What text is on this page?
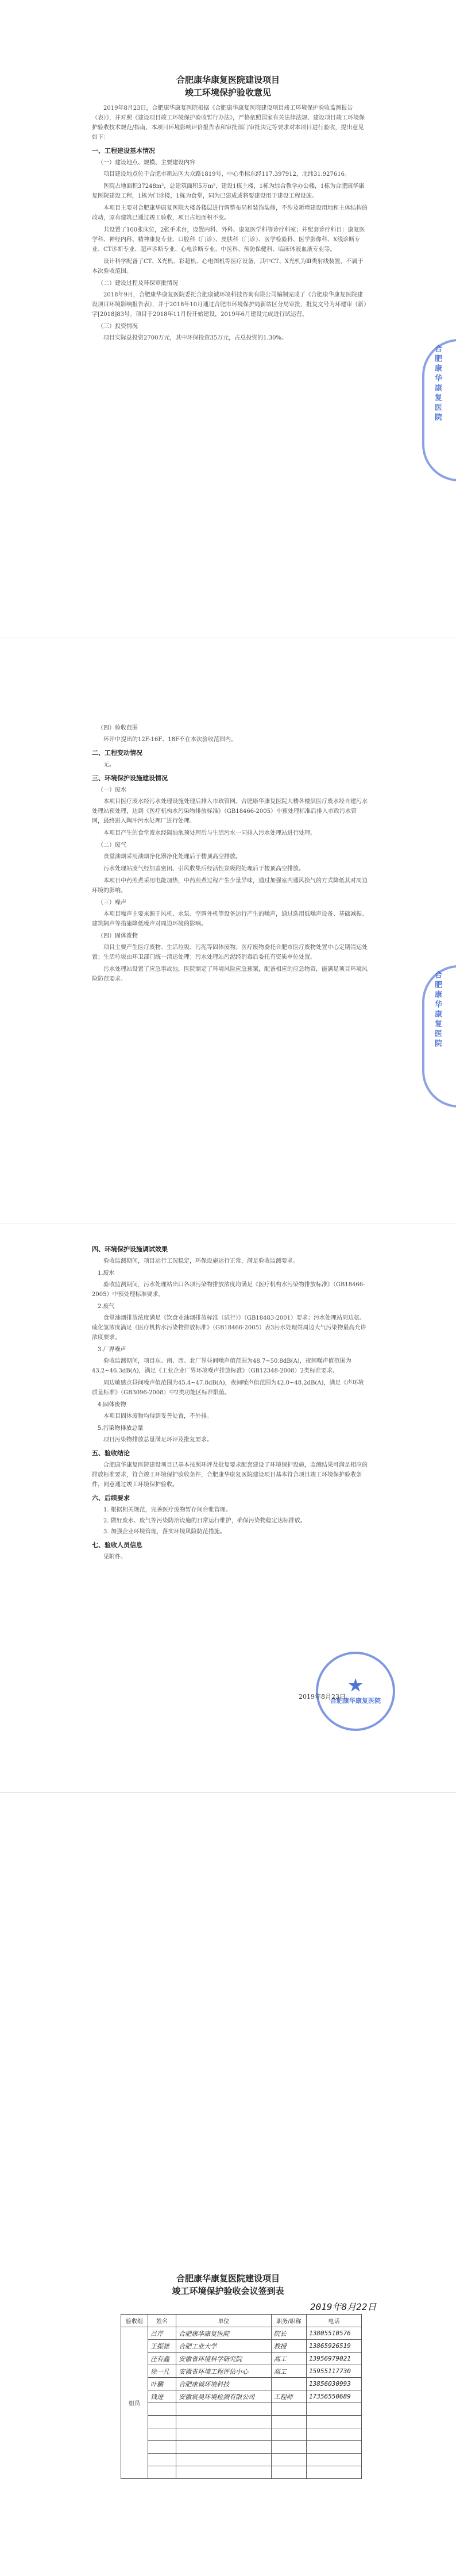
合肥康华康复医院建设项目
竣工环境保护验收意见

2019年8月23日，合肥康华康复医院根据《合肥康华康复医院建设项目竣工环境保护验收监测报告（表）》，并对照《建设项目竣工环境保护验收暂行办法》，严格依照国家有关法律法规、建设项目竣工环境保护验收技术规范/指南、本项目环境影响评价报告表和审批部门审批决定等要求对本项目进行验收，提出意见如下：

一、工程建设基本情况
（一）建设地点、规模、主要建设内容

项目建设地点位于合肥市新站区大众路1819号，中心坐标东经117.397912，北纬31.927616。

医院占地面积37248m²，总建筑面积5万m²，建设1栋主楼，1栋为综合教学办公楼，1栋为合肥康华康复医院建设工程，1栋为门诊楼，1栋为食堂，同为已建成或将要建设用于建设工程设施。

本项目主要对合肥康华康复医院大楼各楼层进行调整布局和装饰装修，不涉及新增建设用地和主体结构的改动，原有建筑已通过竣工验收，项目占地面积不变。

共设置了100张床位，2张手术台，设置内科、外科、康复医学科等诊疗科室；并配套诊疗科目：康复医学科、神经内科、精神康复专业、口腔科（门诊）、皮肤科（门诊）、医学检验科、医学影像科、X线诊断专业、CT诊断专业、超声诊断专业、心电诊断专业、中医科、预防保健科、临床体液血液专业等。

设计科学配备了CT、X光机、彩超机、心电图机等医疗设备，其中CT、X光机为Ⅲ类射线装置，不属于本次验收范围。

（二）建设过程及环保审批情况

2018年9月，合肥康华康复医院委托合肥康诚环境科技咨询有限公司编制完成了《合肥康华康复医院建设项目环境影响报告表》，并于2018年10月通过合肥市环境保护局新站区分局审批，批复文号为环建审（新）字[2018]83号。项目于2018年11月份开始建设，2019年6月建设完成进行试运营。

（三）投资情况

项目实际总投资2700万元，其中环保投资35万元，占总投资的1.30%。

合肥康华康复医院
（四）验收范围

环评中提出的12F-16F、18F不在本次验收范围内。

二、工程变动情况

无。

三、环境保护设施建设情况
（一）废水

本项目医疗废水经污水处理设施处理后排入市政管网。合肥康华康复医院大楼各楼层医疗废水经自建污水处理站预处理，达到《医疗机构水污染物排放标准》（GB18466-2005）中预处理标准后排入市政污水管网，最终进入陶冲污水处理厂进行处理。

本项目产生的食堂废水经隔油池预处理后与生活污水一同排入污水处理站进行处理。

（二）废气

食堂油烟采用油烟净化器净化处理后于楼顶高空排放。

污水处理站废气经加盖密闭、引风收集后经活性炭吸附处理后于楼顶高空排放。

本项目中药煎煮采用电能加热，中药煎煮过程产生少量异味，通过加强室内通风换气的方式降低其对周边环境的影响。

（三）噪声

本项目噪声主要来源于风机、水泵、空调外机等设备运行产生的噪声，通过选用低噪声设备、基础减振、建筑隔声等措施降低噪声对周边环境的影响。

（四）固体废物

项目主要产生医疗废物、生活垃圾、污泥等固体废物。医疗废物委托合肥市医疗废物处置中心定期清运处置；生活垃圾由环卫部门统一清运处理；污水处理站污泥经消毒后委托有资质单位处置。

污水处理站设置了应急事故池，医院制定了环境风险应急预案，配备相应的应急物资，能满足项目环境风险防范要求。	合肥康华康复医院
四、环境保护设施调试效果

验收监测期间，项目运行工况稳定，环保设施运行正常，满足验收监测要求。

1.废水

验收监测期间，污水处理站出口各项污染物排放浓度均满足《医疗机构水污染物排放标准》（GB18466-2005）中预处理标准要求。

2.废气

食堂油烟排放浓度满足《饮食业油烟排放标准（试行）》（GB18483-2001）要求；污水处理站周边氨、硫化氢浓度满足《医疗机构水污染物排放标准》（GB18466-2005）表3污水处理站周边大气污染物最高允许浓度要求。

3.厂界噪声

验收监测期间，项目东、南、西、北厂界昼间噪声值范围为48.7~50.8dB(A)，夜间噪声值范围为43.2~46.3dB(A)，满足《工业企业厂界环境噪声排放标准》（GB12348-2008）2类标准要求。

周边敏感点昼间噪声值范围为45.4~47.8dB(A)，夜间噪声值范围为42.0~48.2dB(A)，满足《声环境质量标准》（GB3096-2008）中2类功能区标准限值。

4.固体废物

本项目固体废物均得到妥善处置，不外排。

5.污染物排放总量

项目污染物排放总量满足环评及批复要求。

五、验收结论

合肥康华康复医院建设项目已基本按照环评及批复要求配套建设了环境保护设施，监测结果可满足相应的排放标准要求，符合竣工环境保护验收条件，合肥康华康复医院建设项目基本符合项目竣工环境保护验收条件，同意通过竣工环境保护验收。

六、后续要求
1. 根据相关规范，完善医疗废物暂存间台账管理。
2. 做好废水、废气等污染防治设施的日常运行维护，确保污染物稳定达标排放。
3. 加强企业环境管理，落实环境风险防范措施。
七、验收人员信息

见附件。

★
合肥康华康复医院
2019年8月23日
合肥康华康复医院建设项目
竣工环境保护验收会议签到表
2019年8月22日
验收组	姓名	单位	职务/职称	电话
组员	吕芹	合肥康华康复医院	院长	13805510576
	王振雄	合肥工业大学	教授	13865926519
	汪有鑫	安徽省环境科学研究院	高工	13956979021
	徐一凡	安徽省环境工程评估中心	高工	15955117730
	叶鹏	合肥康诚环境科技		13856030993
	钱进	安徽宸昊环境检测有限公司	工程师	17356550689
